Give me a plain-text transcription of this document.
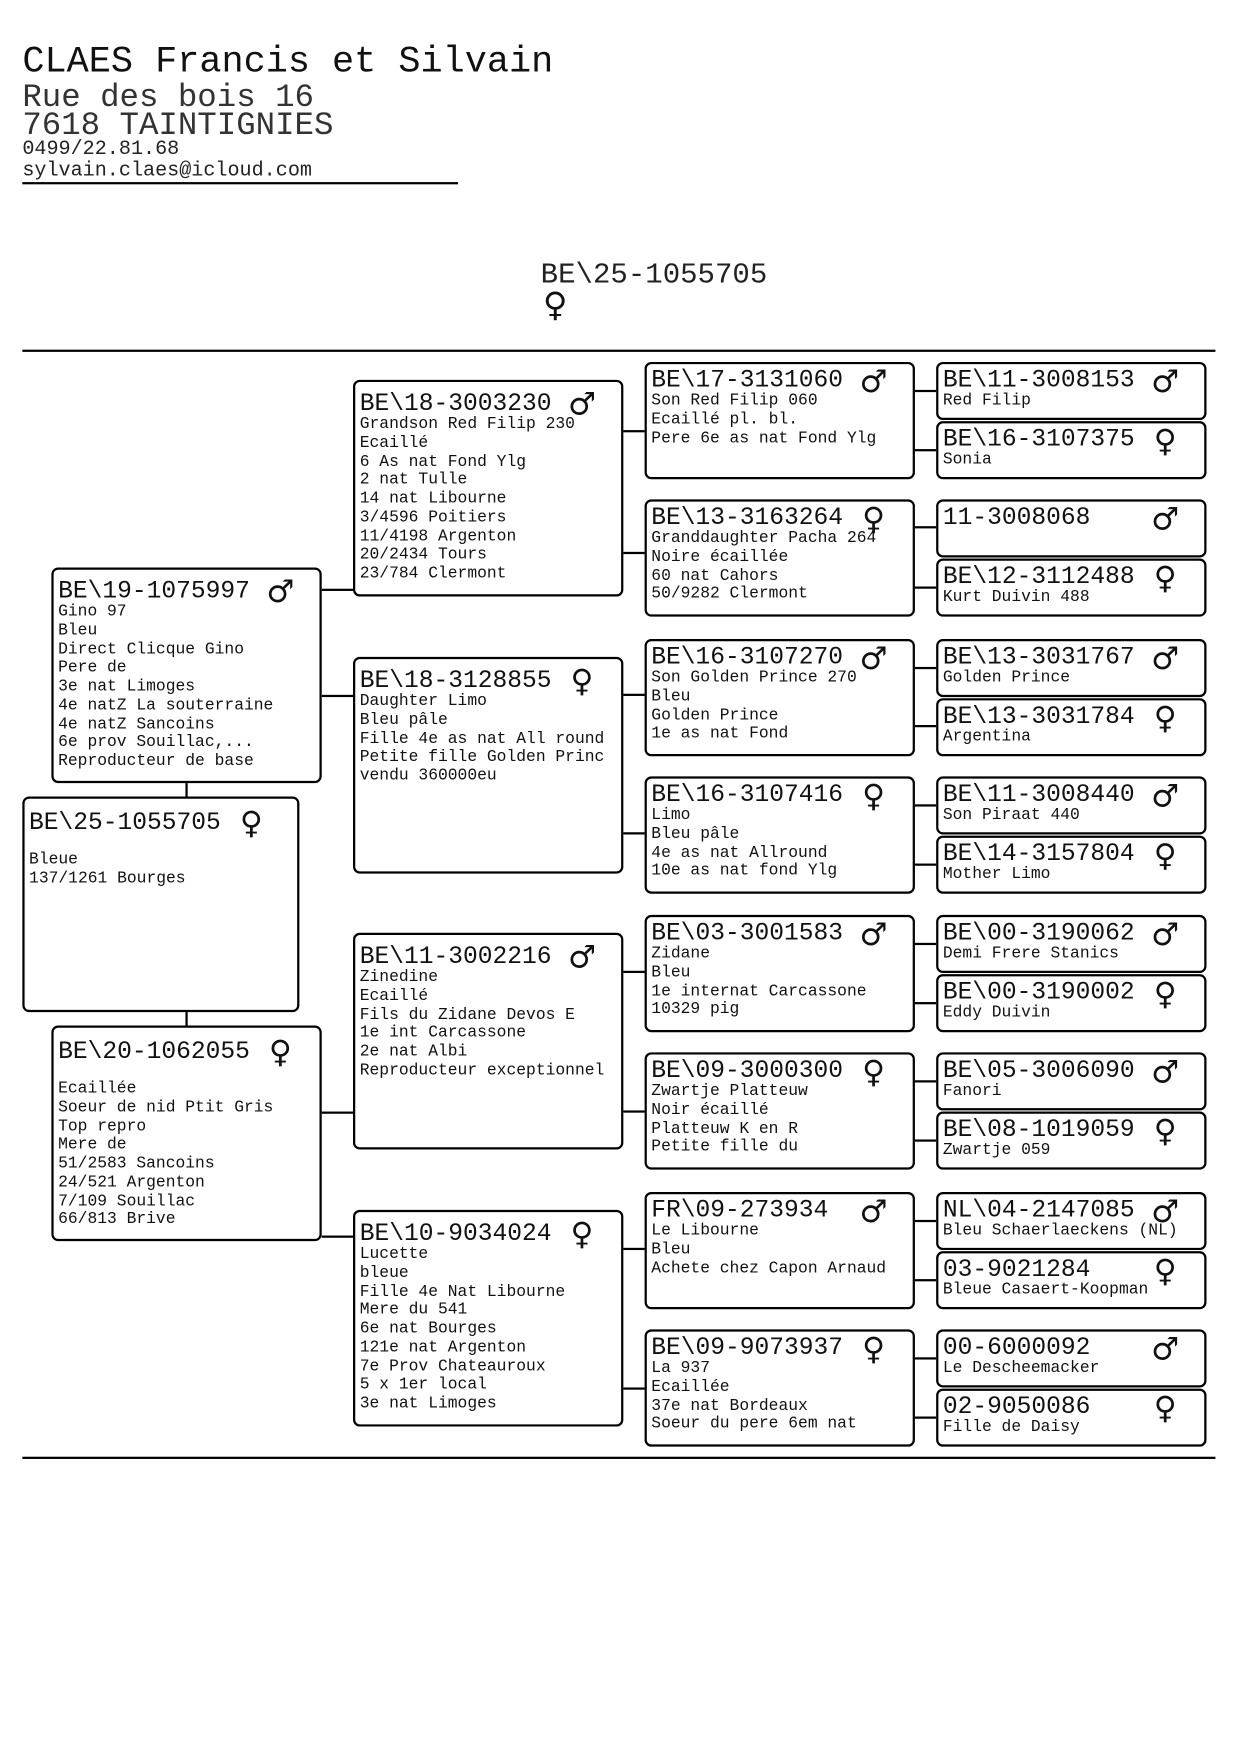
CLAES Francis et Silvain
Rue des bois 16
7618 TAINTIGNIES
0499/22.81.68
sylvain.claes@icloud.com
BE\25-1055705
♀
BE\25-1055705 ♀
Bleue
137/1261 Bourges
BE\19-1075997 ♂
Gino 97
Bleu
Direct Clicque Gino
Pere de
3e nat Limoges
4e natZ La souterraine
4e natZ Sancoins
6e prov Souillac,...
Reproducteur de base
BE\20-1062055 ♀
Ecaillée
Soeur de nid Ptit Gris
Top repro
Mere de
51/2583 Sancoins
24/521 Argenton
7/109 Souillac
66/813 Brive
BE\18-3003230 ♂
Grandson Red Filip 230
Ecaillé
6 As nat Fond Ylg
2 nat Tulle
14 nat Libourne
3/4596 Poitiers
11/4198 Argenton
20/2434 Tours
23/784 Clermont
BE\18-3128855 ♀
Daughter Limo
Bleu pâle
Fille 4e as nat All round
Petite fille Golden Princ
vendu 360000eu
BE\11-3002216 ♂
Zinedine
Ecaillé
Fils du Zidane Devos E
1e int Carcassone
2e nat Albi
Reproducteur exceptionnel
BE\10-9034024 ♀
Lucette
bleue
Fille 4e Nat Libourne
Mere du 541
6e nat Bourges
121e nat Argenton
7e Prov Chateauroux
5 x 1er local
3e nat Limoges
BE\17-3131060 ♂
Son Red Filip 060
Ecaillé pl. bl.
Pere 6e as nat Fond Ylg
BE\13-3163264 ♀
Granddaughter Pacha 264
Noire écaillée
60 nat Cahors
50/9282 Clermont
BE\16-3107270 ♂
Son Golden Prince 270
Bleu
Golden Prince
1e as nat Fond
BE\16-3107416 ♀
Limo
Bleu pâle
4e as nat Allround
10e as nat fond Ylg
BE\03-3001583 ♂
Zidane
Bleu
1e internat Carcassone
10329 pig
BE\09-3000300 ♀
Zwartje Platteuw
Noir écaillé
Platteuw K en R
Petite fille du
FR\09-273934 ♂
Le Libourne
Bleu
Achete chez Capon Arnaud
BE\09-9073937 ♀
La 937
Ecaillée
37e nat Bordeaux
Soeur du pere 6em nat
BE\11-3008153 ♂
Red Filip
BE\16-3107375 ♀
Sonia
11-3008068 ♂
BE\12-3112488 ♀
Kurt Duivin 488
BE\13-3031767 ♂
Golden Prince
BE\13-3031784 ♀
Argentina
BE\11-3008440 ♂
Son Piraat 440
BE\14-3157804 ♀
Mother Limo
BE\00-3190062 ♂
Demi Frere Stanics
BE\00-3190002 ♀
Eddy Duivin
BE\05-3006090 ♂
Fanori
BE\08-1019059 ♀
Zwartje 059
NL\04-2147085 ♂
Bleu Schaerlaeckens (NL)
03-9021284 ♀
Bleue Casaert-Koopman
00-6000092 ♂
Le Descheemacker
02-9050086 ♀
Fille de Daisy
